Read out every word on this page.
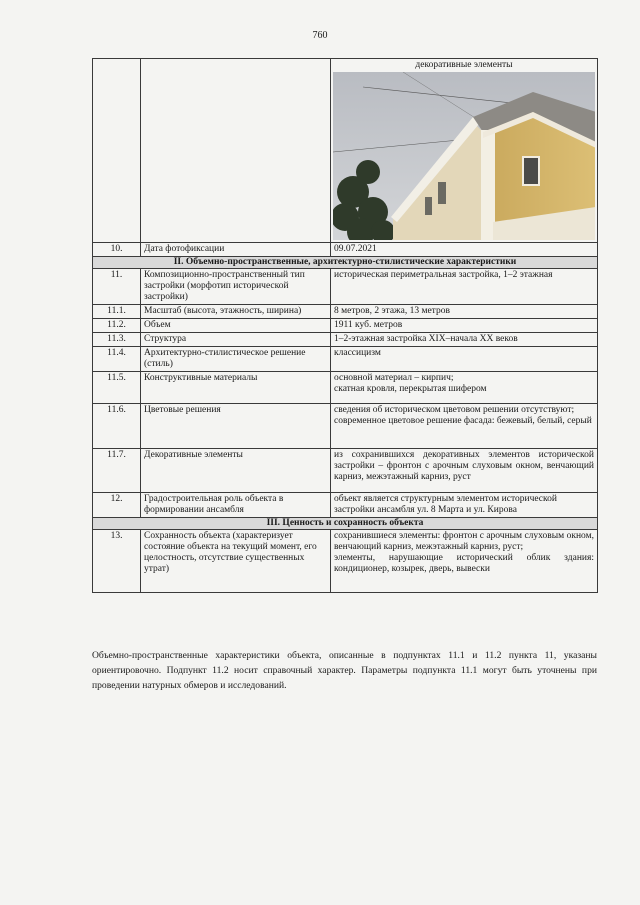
760

		декоративные элементы

10.	Дата фотофиксации	09.07.2021

II. Объемно-пространственные, архитектурно-стилистические характеристики		
11.	Композиционно-пространственный тип застройки (морфотип исторической застройки)	историческая периметральная застройка, 1–2 этажная

11.1.	Масштаб (высота, этажность, ширина)	8 метров, 2 этажа, 13 метров

11.2.	Объем	1911 куб. метров

11.3.	Структура	1–2-этажная застройка XIX–начала XX веков

11.4.	Архитектурно-стилистическое решение (стиль)	классицизм

11.5.	Конструктивные материалы	основной материал – кирпич;
скатная кровля, перекрытая шифером

11.6.	Цветовые решения	сведения об историческом цветовом решении отсутствуют;
современное цветовое решение фасада: бежевый, белый, серый

11.7.	Декоративные элементы	из сохранившихся декоративных элементов исторической застройки – фронтон с арочным слуховым окном, венчающий карниз, межэтажный карниз, руст

12.	Градостроительная роль объекта в формировании ансамбля	объект является структурным элементом исторической застройки ансамбля ул. 8 Марта и ул. Кирова

III. Ценность и сохранность объекта		
13.	Сохранность объекта (характеризует состояние объекта на текущий момент, его целостность, отсутствие существенных утрат)	сохранившиеся элементы: фронтон с арочным слуховым окном, венчающий карниз, межэтажный карниз, руст;
элементы, нарушающие исторический облик здания: кондиционер, козырек, дверь, вывески
Объемно-пространственные характеристики объекта, описанные в подпунктах 11.1 и 11.2 пункта 11, указаны ориентировочно. Подпункт 11.2 носит справочный характер. Параметры подпункта 11.1 могут быть уточнены при проведении натурных обмеров и исследований.
